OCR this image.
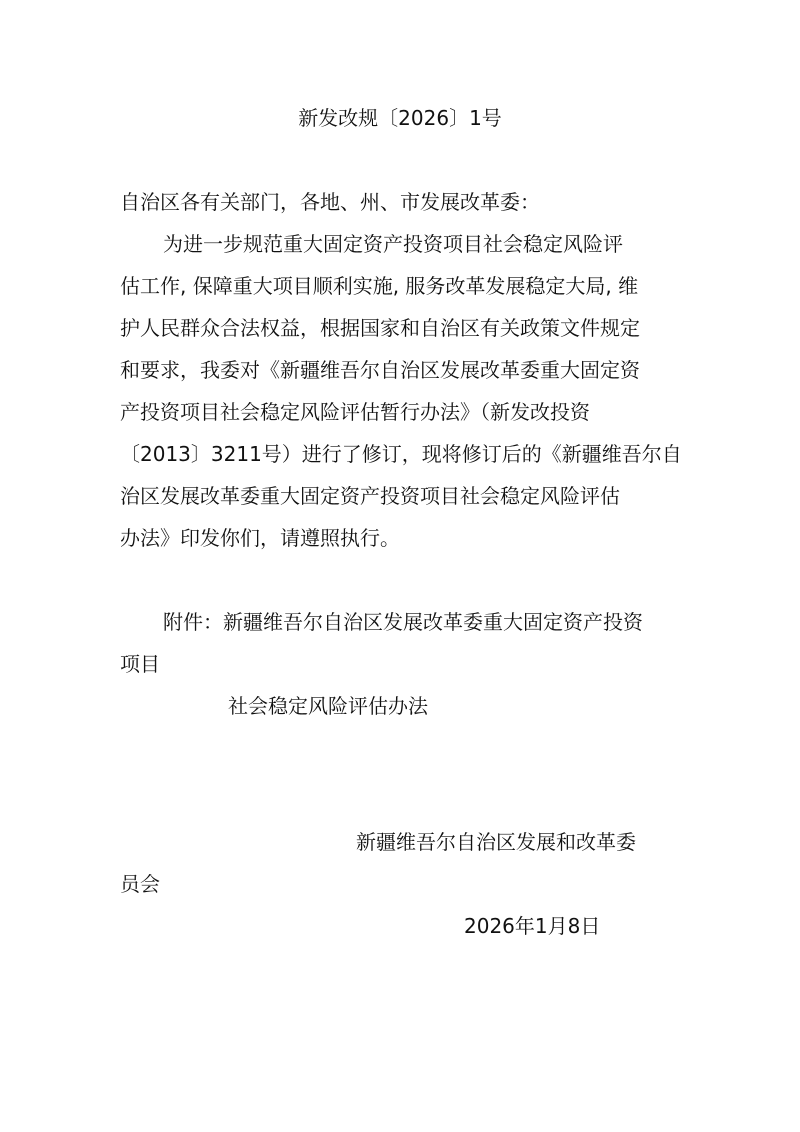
新发改规〔2026〕1号
自治区各有关部门，各地、州、市发展改革委：
为进一步规范重大固定资产投资项目社会稳定风险评
估工作, 保障重大项目顺利实施, 服务改革发展稳定大局, 维
护人民群众合法权益，根据国家和自治区有关政策文件规定
和要求，我委对《新疆维吾尔自治区发展改革委重大固定资
产投资项目社会稳定风险评估暂行办法》（新发改投资
〔2013〕3211号）进行了修订，现将修订后的《新疆维吾尔自
治区发展改革委重大固定资产投资项目社会稳定风险评估
办法》印发你们，请遵照执行。
附件：新疆维吾尔自治区发展改革委重大固定资产投资
项目
社会稳定风险评估办法
新疆维吾尔自治区发展和改革委
员会
2026年1月8日
